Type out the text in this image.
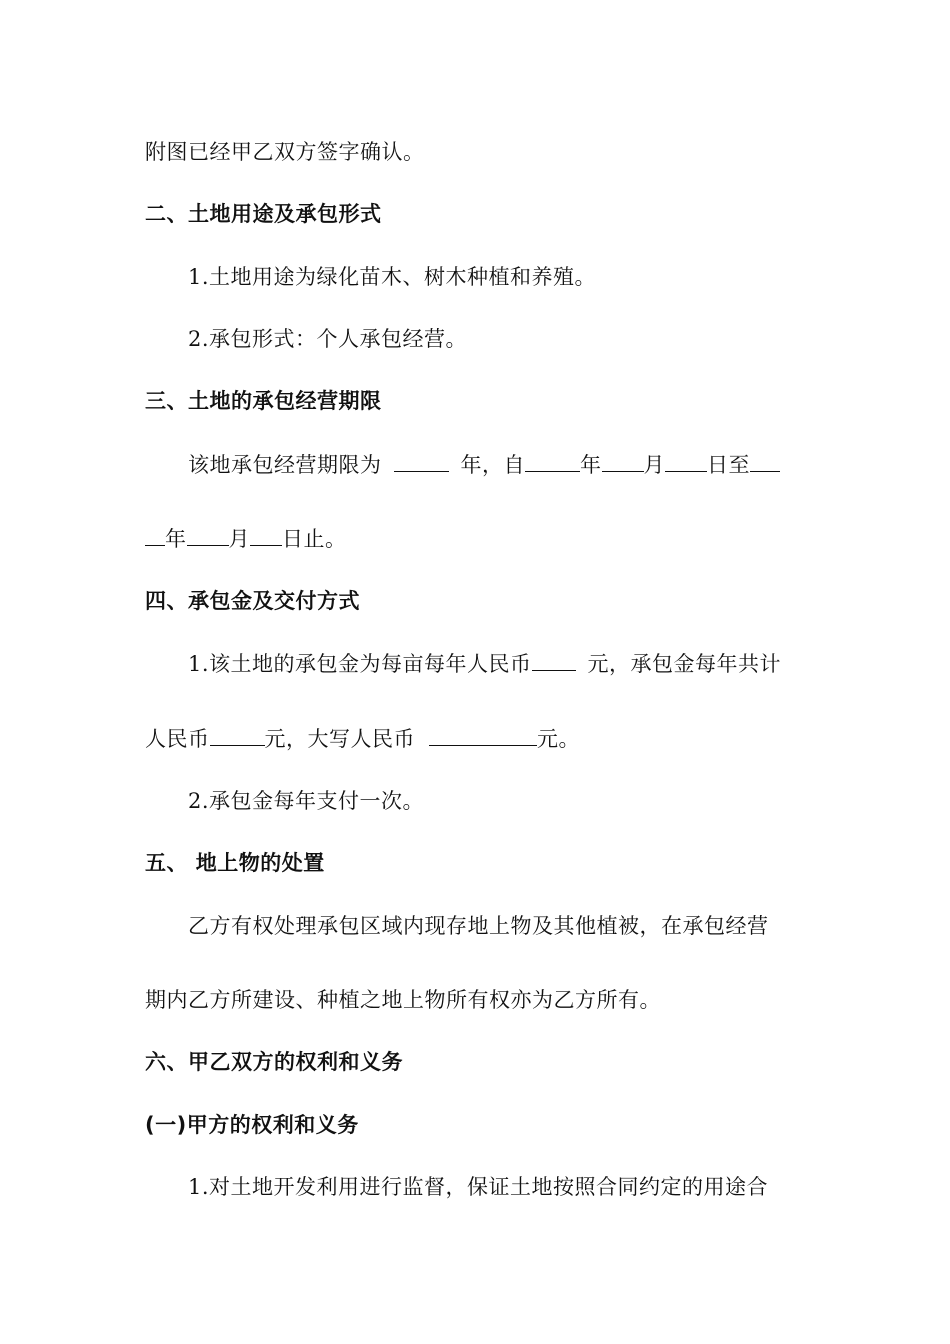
附图已经甲乙双方签字确认。
二、土地用途及承包形式
1.土地用途为绿化苗木、树木种植和养殖。
2.承包形式：个人承包经营。
三、土地的承包经营期限
该地承包经营期限为	年，自	年 月 日至
年 月 日止。
四、承包金及交付方式
1.该土地的承包金为每亩每年人民币	元，承包金每年共计
人民币	元，大写人民币	元。
2.承包金每年支付一次。
五、 地上物的处置
乙方有权处理承包区域内现存地上物及其他植被，在承包经营
期内乙方所建设、种植之地上物所有权亦为乙方所有。
六、甲乙双方的权利和义务
(一)甲方的权利和义务
1.对土地开发利用进行监督，保证土地按照合同约定的用途合
